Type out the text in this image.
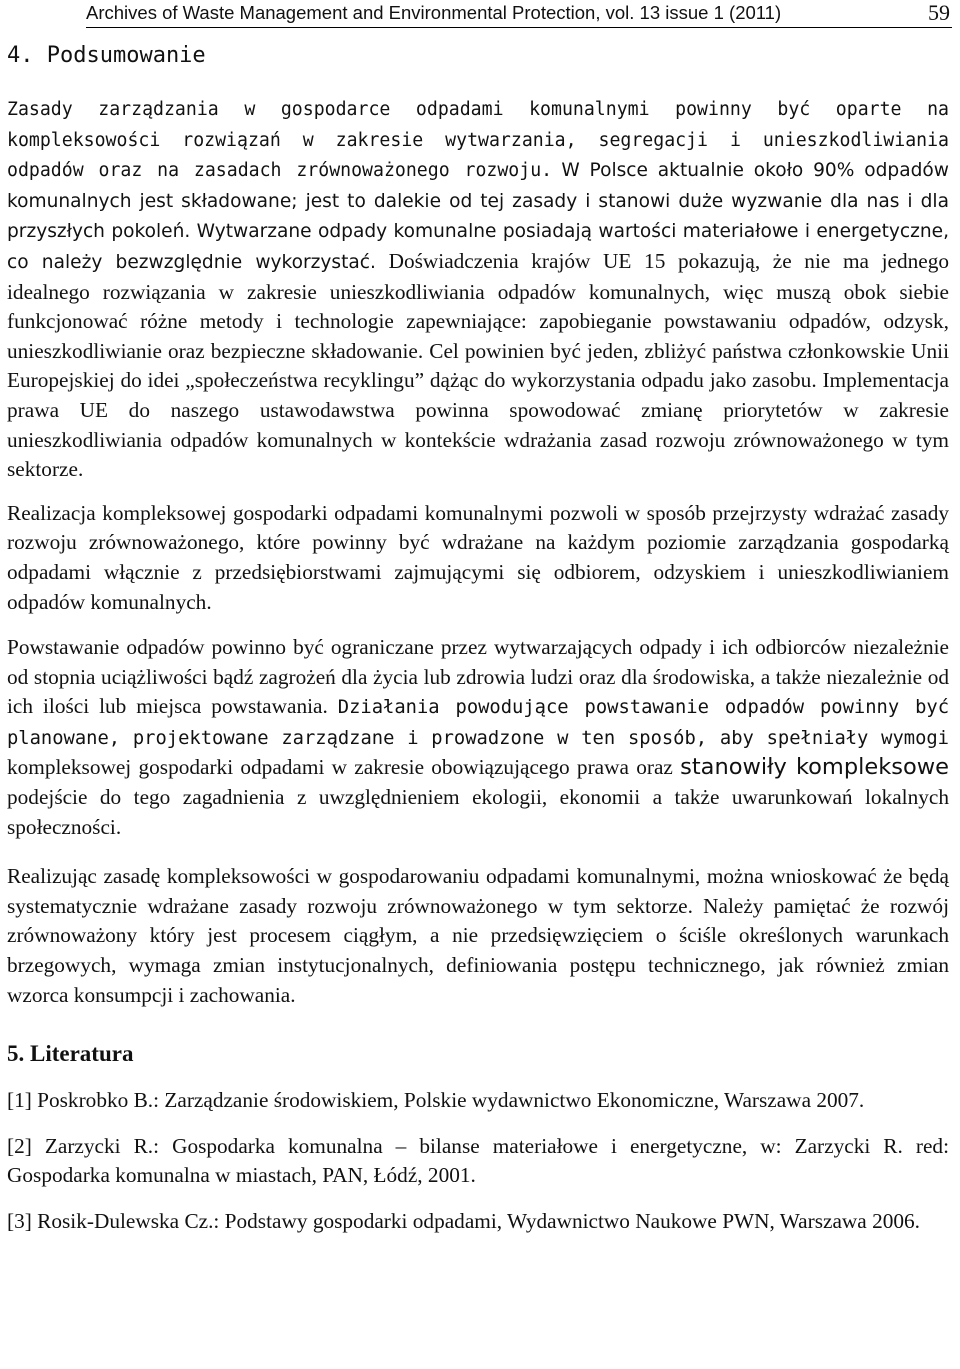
Archives of Waste Management and Environmental Protection, vol. 13 issue 1 (2011)	59
4. Podsumowanie

Zasady zarządzania w gospodarce odpadami komunalnymi powinny być oparte na kompleksowości rozwiązań w zakresie wytwarzania, segregacji i unieszkodliwiania odpadów oraz na zasadach zrównoważonego rozwoju. W Polsce aktualnie około 90% odpadów komunalnych jest składowane; jest to dalekie od tej zasady i stanowi duże wyzwanie dla nas i dla przyszłych pokoleń. Wytwarzane odpady komunalne posiadają wartości materiałowe i energetyczne, co należy bezwzględnie wykorzystać. Doświadczenia krajów UE 15 pokazują, że nie ma jednego idealnego rozwiązania w zakresie unieszkodliwiania odpadów komunalnych, więc muszą obok siebie funkcjonować różne metody i technologie zapewniające: zapobieganie powstawaniu odpadów, odzysk, unieszkodliwianie oraz bezpieczne składowanie. Cel powinien być jeden, zbliżyć państwa członkowskie Unii Europejskiej do idei „społeczeństwa recyklingu” dążąc do wykorzystania odpadu jako zasobu. Implementacja prawa UE do naszego ustawodawstwa powinna spowodować zmianę priorytetów w zakresie unieszkodliwiania odpadów komunalnych w kontekście wdrażania zasad rozwoju zrównoważonego w tym sektorze.

Realizacja kompleksowej gospodarki odpadami komunalnymi pozwoli w sposób przejrzysty wdrażać zasady rozwoju zrównoważonego, które powinny być wdrażane na każdym poziomie zarządzania gospodarką odpadami włącznie z przedsiębiorstwami zajmującymi się odbiorem, odzyskiem i unieszkodliwianiem odpadów komunalnych.

Powstawanie odpadów powinno być ograniczane przez wytwarzających odpady i ich odbiorców niezależnie od stopnia uciążliwości bądź zagrożeń dla życia lub zdrowia ludzi oraz dla środowiska, a także niezależnie od ich ilości lub miejsca powstawania. Działania powodujące powstawanie odpadów powinny być planowane, projektowane zarządzane i prowadzone w ten sposób, aby spełniały wymogi kompleksowej gospodarki odpadami w zakresie obowiązującego prawa oraz stanowiły kompleksowe podejście do tego zagadnienia z uwzględnieniem ekologii, ekonomii a także uwarunkowań lokalnych społeczności.

Realizując zasadę kompleksowości w gospodarowaniu odpadami komunalnymi, można wnioskować że będą systematycznie wdrażane zasady rozwoju zrównoważonego w tym sektorze. Należy pamiętać że rozwój zrównoważony który jest procesem ciągłym, a nie przedsięwzięciem o ściśle określonych warunkach brzegowych, wymaga zmian instytucjonalnych, definiowania postępu technicznego, jak również zmian wzorca konsumpcji i zachowania.

5. Literatura

[1] Poskrobko B.: Zarządzanie środowiskiem, Polskie wydawnictwo Ekonomiczne, Warszawa 2007.

[2] Zarzycki R.: Gospodarka komunalna – bilanse materiałowe i energetyczne, w: Zarzycki R. red: Gospodarka komunalna w miastach, PAN, Łódź, 2001.

[3] Rosik-Dulewska Cz.: Podstawy gospodarki odpadami, Wydawnictwo Naukowe PWN, Warszawa 2006.
